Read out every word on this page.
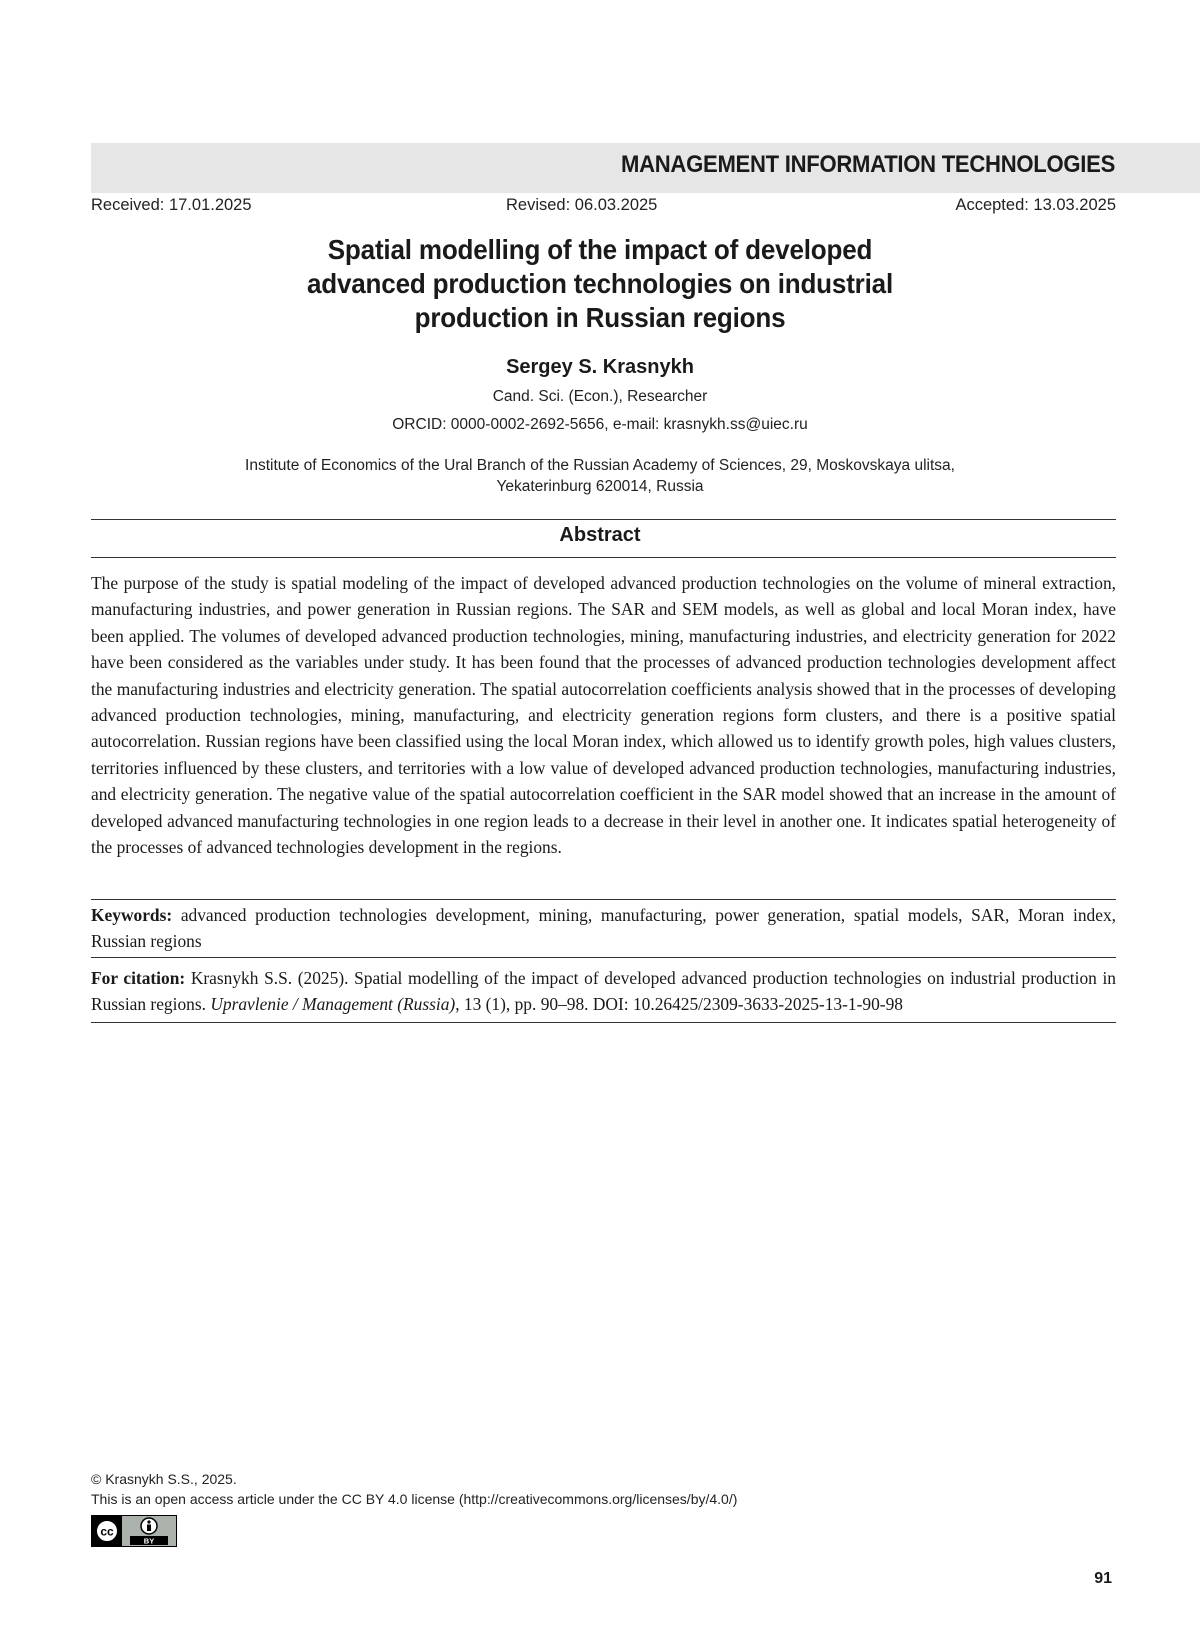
MANAGEMENT INFORMATION TECHNOLOGIES
Received: 17.01.2025	Revised: 06.03.2025	Accepted: 13.03.2025
Spatial modelling of the impact of developed
advanced production technologies on industrial
production in Russian regions
Sergey S. Krasnykh
Cand. Sci. (Econ.), Researcher
ORCID: 0000-0002-2692-5656, e-mail: krasnykh.ss@uiec.ru
Institute of Economics of the Ural Branch of the Russian Academy of Sciences, 29, Moskovskaya ulitsa,
Yekaterinburg 620014, Russia
Abstract
The purpose of the study is spatial modeling of the impact of developed advanced production technologies on the volume of mineral extraction, manufacturing industries, and power generation in Russian regions. The SAR and SEM models, as well as global and local Moran index, have been applied. The volumes of developed advanced production technologies, mining, manufacturing industries, and electricity generation for 2022 have been considered as the variables under study. It has been found that the processes of advanced production technologies development affect the manufacturing industries and electricity generation. The spatial autocorrelation coefficients analysis showed that in the processes of developing advanced production technologies, mining, manufacturing, and electricity generation regions form clusters, and there is a positive spatial autocorrelation. Russian regions have been classified using the local Moran index, which allowed us to identify growth poles, high values clusters, territories influenced by these clusters, and territories with a low value of developed advanced production technologies, manufacturing industries, and electricity generation. The negative value of the spatial autocorrelation coefficient in the SAR model showed that an increase in the amount of developed advanced manufacturing technologies in one region leads to a decrease in their level in another one. It indicates spatial heterogeneity of the processes of advanced technologies development in the regions.
Keywords: advanced production technologies development, mining, manufacturing, power generation, spatial models, SAR, Moran index, Russian regions
For citation: Krasnykh S.S. (2025). Spatial modelling of the impact of developed advanced production technologies on industrial production in Russian regions. Upravlenie / Management (Russia), 13 (1), pp. 90–98. DOI: 10.26425/2309-3633-2025-13-1-90-98
© Krasnykh S.S., 2025.
This is an open access article under the CC BY 4.0 license (http://creativecommons.org/licenses/by/4.0/)
cc
BY
91
